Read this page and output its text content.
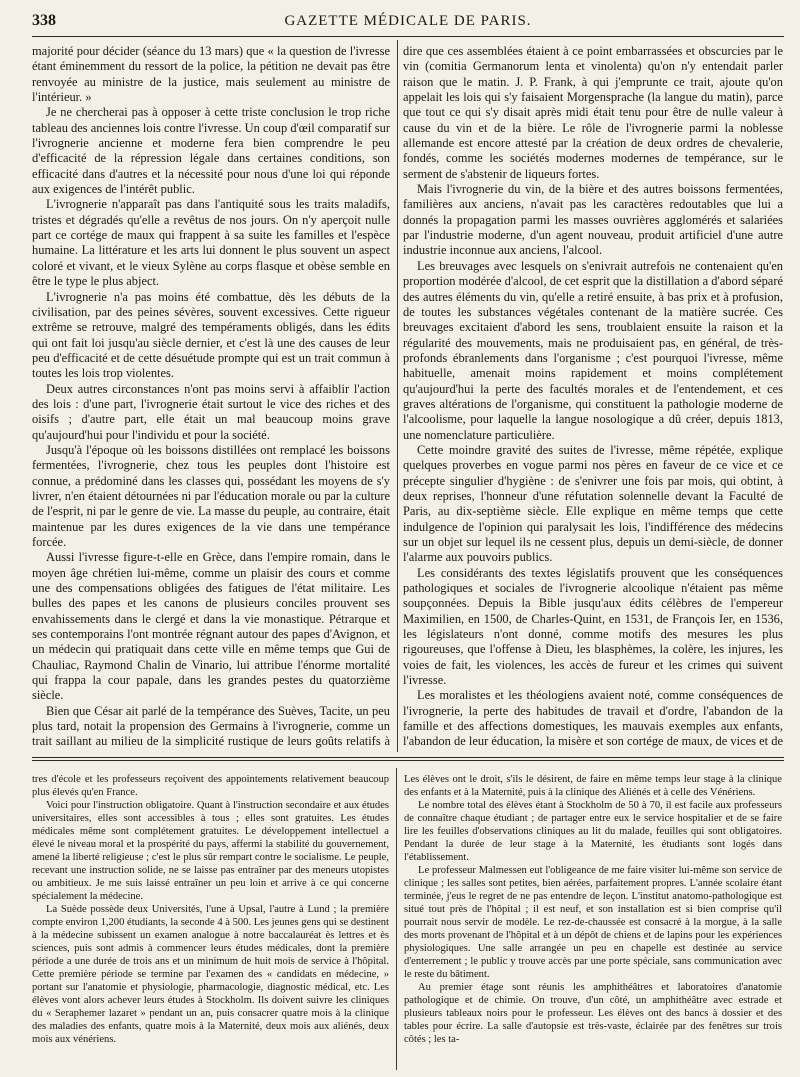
338	GAZETTE MÉDICALE DE PARIS.

majorité pour décider (séance du 13 mars) que « la question de l'ivresse étant éminemment du ressort de la police, la pétition ne devait pas être renvoyée au ministre de la justice, mais seulement au ministre de l'intérieur. »

Je ne chercherai pas à opposer à cette triste conclusion le trop riche tableau des anciennes lois contre l'ivresse. Un coup d'œil comparatif sur l'ivrognerie ancienne et moderne fera bien comprendre le peu d'efficacité de la répression légale dans certaines conditions, son efficacité dans d'autres et la nécessité pour nous d'une loi qui réponde aux exigences de l'intérêt public.

L'ivrognerie n'apparaît pas dans l'antiquité sous les traits maladifs, tristes et dégradés qu'elle a revêtus de nos jours. On n'y aperçoit nulle part ce cortége de maux qui frappent à sa suite les familles et l'espèce humaine. La littérature et les arts lui donnent le plus souvent un aspect coloré et vivant, et le vieux Sylène au corps flasque et obèse semble en être le type le plus abject.

L'ivrognerie n'a pas moins été combattue, dès les débuts de la civilisation, par des peines sévères, souvent excessives. Cette rigueur extrême se retrouve, malgré des tempéraments obligés, dans les édits qui ont fait loi jusqu'au siècle dernier, et c'est là une des causes de leur peu d'efficacité et de cette désuétude prompte qui est un trait commun à toutes les lois trop violentes.

Deux autres circonstances n'ont pas moins servi à affaiblir l'action des lois : d'une part, l'ivrognerie était surtout le vice des riches et des oisifs ; d'autre part, elle était un mal beaucoup moins grave qu'aujourd'hui pour l'individu et pour la société.

Jusqu'à l'époque où les boissons distillées ont remplacé les boissons fermentées, l'ivrognerie, chez tous les peuples dont l'histoire est connue, a prédominé dans les classes qui, possédant les moyens de s'y livrer, n'en étaient détournées ni par l'éducation morale ou par la culture de l'esprit, ni par le genre de vie. La masse du peuple, au contraire, était maintenue par les dures exigences de la vie dans une tempérance forcée.

Aussi l'ivresse figure-t-elle en Grèce, dans l'empire romain, dans le moyen âge chrétien lui-même, comme un plaisir des cours et comme une des compensations obligées des fatigues de l'état militaire. Les bulles des papes et les canons de plusieurs conciles prouvent ses envahissements dans le clergé et dans la vie monastique. Pétrarque et ses contemporains l'ont montrée régnant autour des papes d'Avignon, et un médecin qui pratiquait dans cette ville en même temps que Gui de Chauliac, Raymond Chalin de Vinario, lui attribue l'énorme mortalité qui frappa la cour papale, dans les grandes pestes du quatorzième siècle.

Bien que César ait parlé de la tempérance des Suèves, Tacite, un peu plus tard, notait la propension des Germains à l'ivrognerie, comme un trait saillant au milieu de la simplicité rustique de leurs goûts relatifs à

dire que ces assemblées étaient à ce point embarrassées et obscurcies par le vin (comitia Germanorum lenta et vinolenta) qu'on n'y entendait parler raison que le matin. J. P. Frank, à qui j'emprunte ce trait, ajoute qu'on appelait les lois qui s'y faisaient Morgensprache (la langue du matin), parce que tout ce qui s'y disait après midi était tenu pour être de nulle valeur à cause du vin et de la bière. Le rôle de l'ivrognerie parmi la noblesse allemande est encore attesté par la création de deux ordres de chevalerie, fondés, comme les sociétés modernes modernes de tempérance, sur le serment de s'abstenir de liqueurs fortes.

Mais l'ivrognerie du vin, de la bière et des autres boissons fermentées, familières aux anciens, n'avait pas les caractères redoutables que lui a donnés la propagation parmi les masses ouvrières agglomérés et salariées par l'industrie moderne, d'un agent nouveau, produit artificiel d'une autre industrie inconnue aux anciens, l'alcool.

Les breuvages avec lesquels on s'enivrait autrefois ne contenaient qu'en proportion modérée d'alcool, de cet esprit que la distillation a d'abord séparé des autres éléments du vin, qu'elle a retiré ensuite, à bas prix et à profusion, de toutes les substances végétales contenant de la matière sucrée. Ces breuvages excitaient d'abord les sens, troublaient ensuite la raison et la régularité des mouvements, mais ne produisaient pas, en général, de très-profonds ébranlements dans l'organisme ; c'est pourquoi l'ivresse, même habituelle, amenait moins rapidement et moins complétement qu'aujourd'hui la perte des facultés morales et de l'entendement, et ces graves altérations de l'organisme, qui constituent la pathologie moderne de l'alcoolisme, pour laquelle la langue nosologique a dû créer, depuis 1813, une nomenclature particulière.

Cette moindre gravité des suites de l'ivresse, même répétée, explique quelques proverbes en vogue parmi nos pères en faveur de ce vice et ce précepte singulier d'hygiène : de s'enivrer une fois par mois, qui obtint, à deux reprises, l'honneur d'une réfutation solennelle devant la Faculté de Paris, au dix-septième siècle. Elle explique en même temps que cette indulgence de l'opinion qui paralysait les lois, l'indifférence des médecins sur un objet sur lequel ils ne cessent plus, depuis un demi-siècle, de donner l'alarme aux pouvoirs publics.

Les considérants des textes législatifs prouvent que les conséquences pathologiques et sociales de l'ivrognerie alcoolique n'étaient pas même soupçonnées. Depuis la Bible jusqu'aux édits célèbres de l'empereur Maximilien, en 1500, de Charles-Quint, en 1531, de François Ier, en 1536, les législateurs n'ont donné, comme motifs des mesures les plus rigoureuses, que l'offense à Dieu, les blasphèmes, la colère, les injures, les voies de fait, les violences, les accès de fureur et les crimes qui suivent l'ivresse.

Les moralistes et les théologiens avaient noté, comme conséquences de l'ivrognerie, la perte des habitudes de travail et d'ordre, l'abandon de la famille et des affections domestiques, les mauvais exemples aux enfants, l'abandon de leur éducation, la misère et son cortége de maux, de vices et de

tres d'école et les professeurs reçoivent des appointements relativement beaucoup plus élevés qu'en France.

Voici pour l'instruction obligatoire. Quant à l'instruction secondaire et aux études universitaires, elles sont accessibles à tous ; elles sont gratuites. Les études médicales même sont complétement gratuites. Le développement intellectuel a élevé le niveau moral et la prospérité du pays, affermi la stabilité du gouvernement, amené la liberté religieuse ; c'est le plus sûr rempart contre le socialisme. Le peuple, recevant une instruction solide, ne se laisse pas entraîner par des meneurs utopistes ou ambitieux. Je me suis laissé entraîner un peu loin et arrive à ce qui concerne spécialement la médecine.

La Suède possède deux Universités, l'une à Upsal, l'autre à Lund ; la première compte environ 1,200 étudiants, la seconde 4 à 500. Les jeunes gens qui se destinent à la médecine subissent un examen analogue à notre baccalauréat ès lettres et ès sciences, puis sont admis à commencer leurs études médicales, dont la première période a une durée de trois ans et un minimum de huit mois de service à l'hôpital. Cette première période se termine par l'examen des « candidats en médecine, » portant sur l'anatomie et physiologie, pharmacologie, diagnostic médical, etc. Les élèves vont alors achever leurs études à Stockholm. Ils doivent suivre les cliniques du « Seraphemer lazaret » pendant un an, puis consacrer quatre mois à la clinique des maladies des enfants, quatre mois à la Maternité, deux mois aux aliénés, deux mois aux vénériens.

Les élèves ont le droit, s'ils le désirent, de faire en même temps leur stage à la clinique des enfants et à la Maternité, puis à la clinique des Aliénés et à celle des Vénériens.

Le nombre total des élèves étant à Stockholm de 50 à 70, il est facile aux professeurs de connaître chaque étudiant ; de partager entre eux le service hospitalier et de se faire lire les feuilles d'observations cliniques au lit du malade, feuilles qui sont obligatoires. Pendant la durée de leur stage à la Maternité, les étudiants sont logés dans l'établissement.

Le professeur Malmessen eut l'obligeance de me faire visiter lui-même son service de clinique ; les salles sont petites, bien aérées, parfaitement propres. L'année scolaire étant terminée, j'eus le regret de ne pas entendre de leçon. L'institut anatomo-pathologique est situé tout près de l'hôpital ; il est neuf, et son installation est si bien comprise qu'il pourrait nous servir de modèle. Le rez-de-chaussée est consacré à la morgue, à la salle des morts provenant de l'hôpital et à un dépôt de chiens et de lapins pour les expériences physiologiques. Une salle arrangée un peu en chapelle est destinée au service d'enterrement ; le public y trouve accès par une porte spéciale, sans communication avec le reste du bâtiment.

Au premier étage sont réunis les amphithéâtres et laboratoires d'anatomie pathologique et de chimie. On trouve, d'un côté, un amphithéâtre avec estrade et plusieurs tableaux noirs pour le professeur. Les élèves ont des bancs à dossier et des tables pour écrire. La salle d'autopsie est très-vaste, éclairée par des fenêtres sur trois côtés ; les ta-
